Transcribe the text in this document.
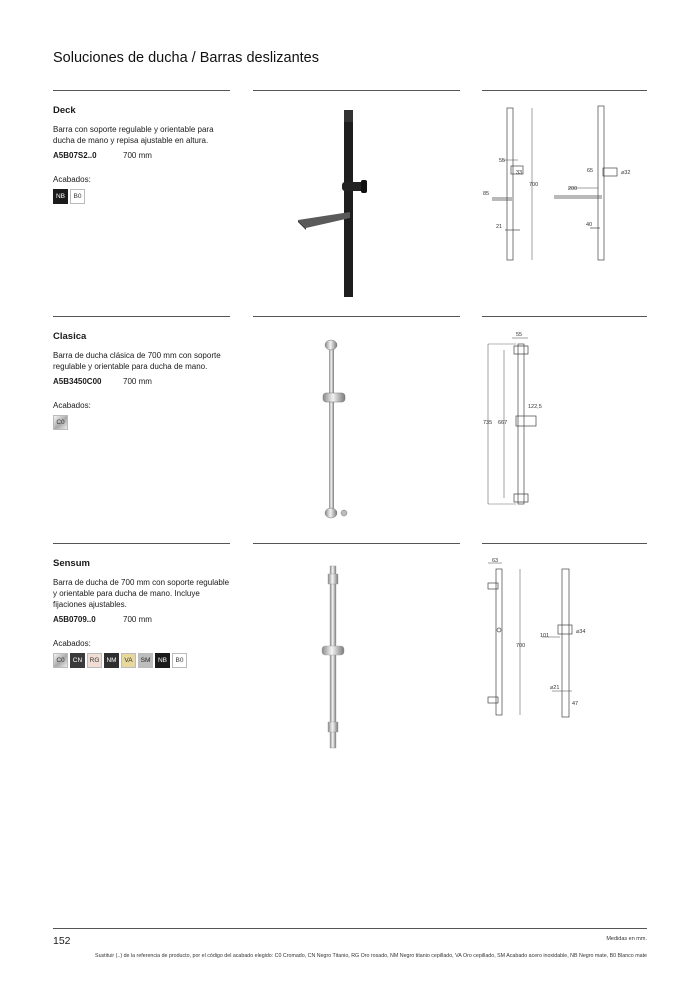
Soluciones de ducha / Barras deslizantes

Deck

Barra con soporte regulable y orientable para ducha de mano y repisa ajustable en altura.

A5B07S2..0	700 mm

Acabados:

NB	B0
55
33
700
85
21
65	⌀32
200
40

Clasica

Barra de ducha clásica de 700 mm con soporte regulable y orientable para ducha de mano.

A5B3450C00	700 mm

Acabados:

C0
55
122,5
735 667

Sensum

Barra de ducha de 700 mm con soporte regulable y orientable para ducha de mano. Incluye fijaciones ajustables.

A5B0709..0	700 mm

Acabados:

C0	CN	RG	NM	VA	SM	NB	B0
63
700
⌀34
101
⌀21
47
152	Medidas en mm.
Sustituir (..) de la referencia de producto, por el código del acabado elegido: C0 Cromado, CN Negro Titanio, RG Oro rosado, NM Negro titanio cepillado, VA Oro cepillado, SM Acabado acero inoxidable, NB Negro mate, B0 Blanco mate
